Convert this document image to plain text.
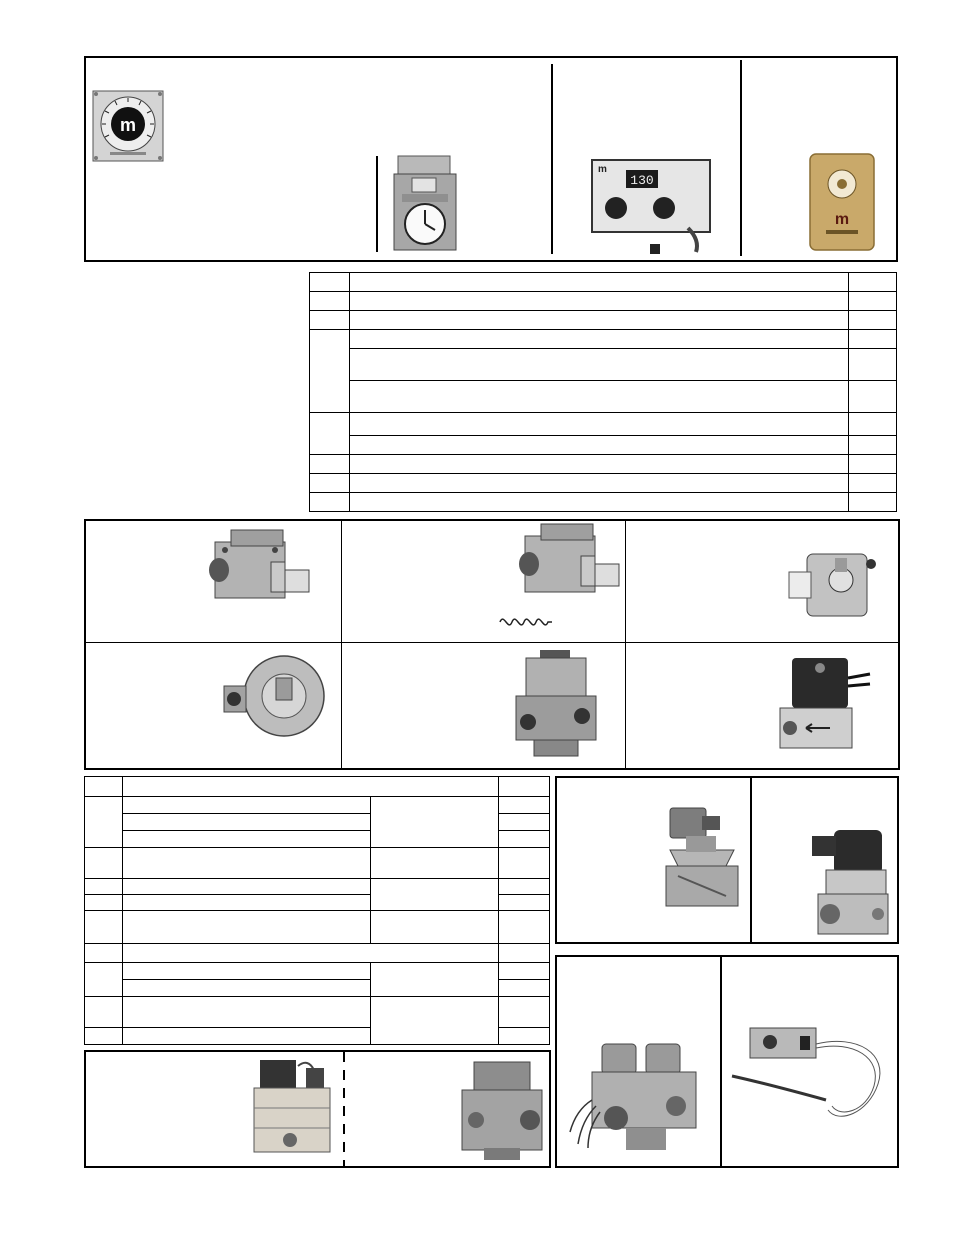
m
m
130
m
